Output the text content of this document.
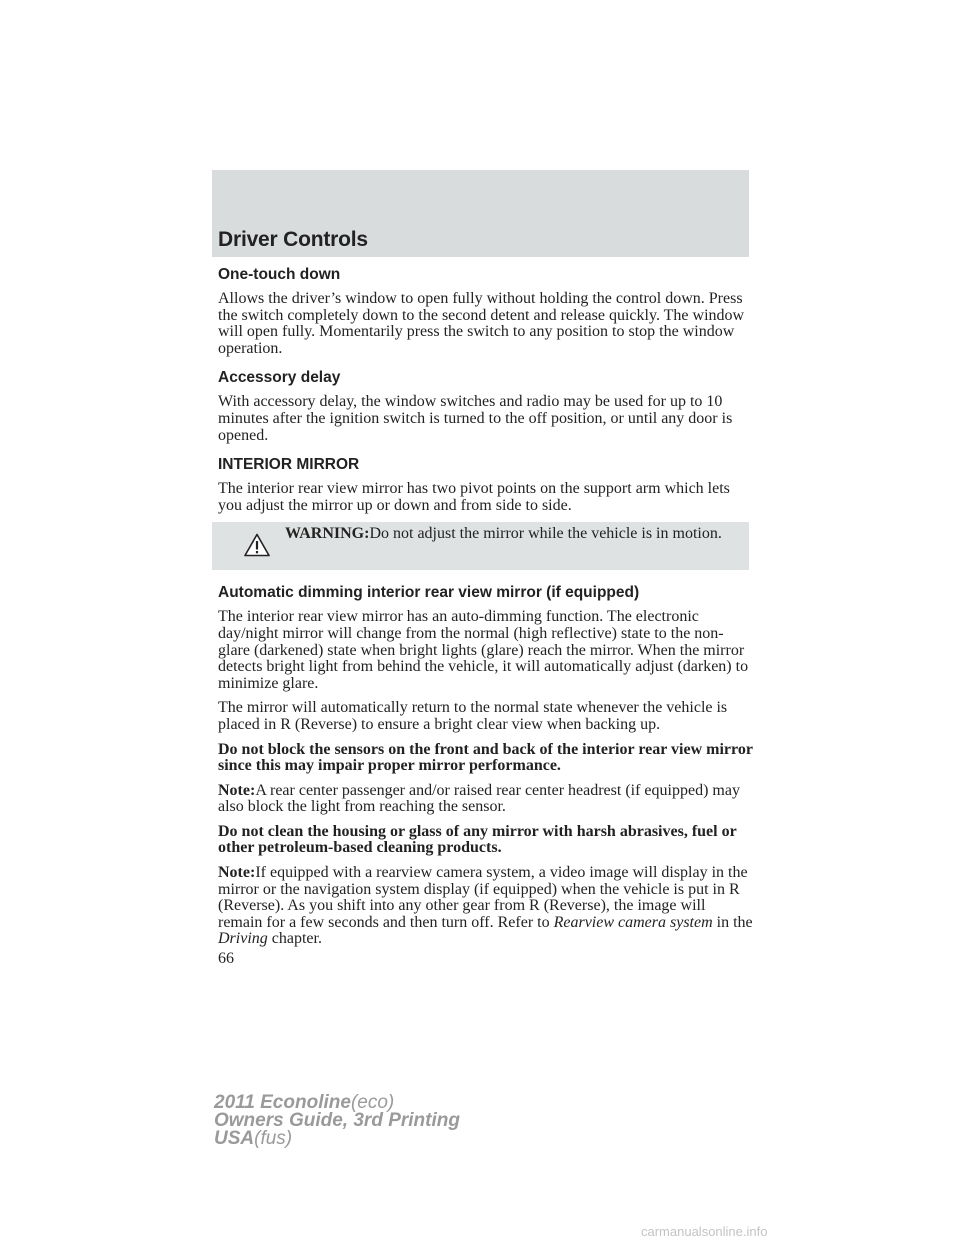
Driver Controls
One-touch down

Allows the driver’s window to open fully without holding the control down. Press the switch completely down to the second detent and release quickly. The window will open fully. Momentarily press the switch to any position to stop the window operation.

Accessory delay

With accessory delay, the window switches and radio may be used for up to 10 minutes after the ignition switch is turned to the off position, or until any door is opened.

INTERIOR MIRROR

The interior rear view mirror has two pivot points on the support arm which lets you adjust the mirror up or down and from side to side.

WARNING:Do not adjust the mirror while the vehicle is in motion.
Automatic dimming interior rear view mirror (if equipped)

The interior rear view mirror has an auto-dimming function. The electronic day/night mirror will change from the normal (high reflective) state to the non-glare (darkened) state when bright lights (glare) reach the mirror. When the mirror detects bright light from behind the vehicle, it will automatically adjust (darken) to minimize glare.

The mirror will automatically return to the normal state whenever the vehicle is placed in R (Reverse) to ensure a bright clear view when backing up.

Do not block the sensors on the front and back of the interior rear view mirror since this may impair proper mirror performance.

Note:A rear center passenger and/or raised rear center headrest (if equipped) may also block the light from reaching the sensor.

Do not clean the housing or glass of any mirror with harsh abrasives, fuel or other petroleum-based cleaning products.

Note:If equipped with a rearview camera system, a video image will display in the mirror or the navigation system display (if equipped) when the vehicle is put in R (Reverse). As you shift into any other gear from R (Reverse), the image will remain for a few seconds and then turn off. Refer to Rearview camera system in the Driving chapter.

66
2011 Econoline(eco)
Owners Guide, 3rd Printing
USA(fus)
carmanualsonline.info
